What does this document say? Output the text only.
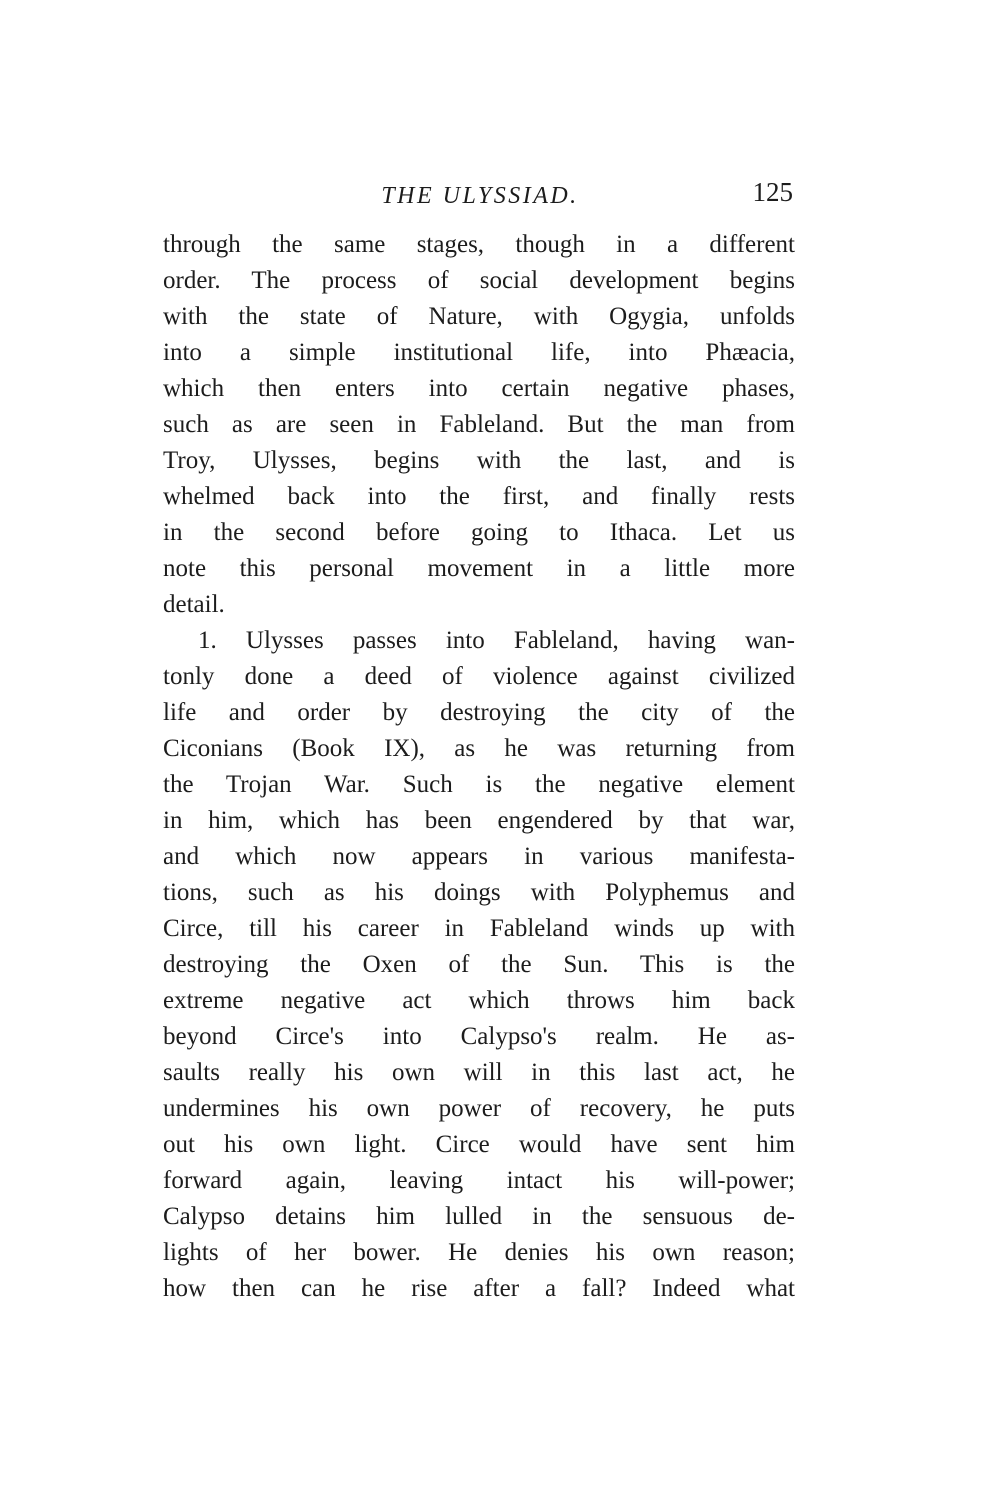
THE ULYSSIAD.	125
through the same stages, though in a different
order. The process of social development begins
with the state of Nature, with Ogygia, unfolds
into a simple institutional life, into Phæacia,
which then enters into certain negative phases,
such as are seen in Fableland. But the man from
Troy, Ulysses, begins with the last, and is
whelmed back into the first, and finally rests
in the second before going to Ithaca. Let us
note this personal movement in a little more
detail.
1. Ulysses passes into Fableland, having wan-
tonly done a deed of violence against civilized
life and order by destroying the city of the
Ciconians (Book IX), as he was returning from
the Trojan War. Such is the negative element
in him, which has been engendered by that war,
and which now appears in various manifesta-
tions, such as his doings with Polyphemus and
Circe, till his career in Fableland winds up with
destroying the Oxen of the Sun. This is the
extreme negative act which throws him back
beyond Circe's into Calypso's realm. He as-
saults really his own will in this last act, he
undermines his own power of recovery, he puts
out his own light. Circe would have sent him
forward again, leaving intact his will-power;
Calypso detains him lulled in the sensuous de-
lights of her bower. He denies his own reason;
how then can he rise after a fall? Indeed what
